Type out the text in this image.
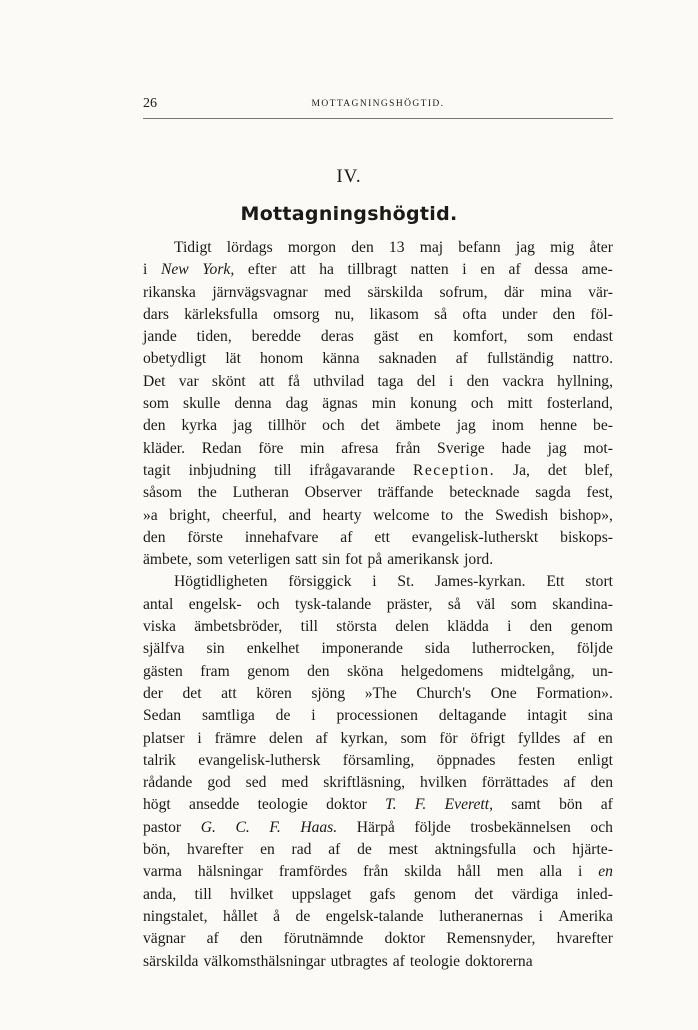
26	MOTTAGNINGSHÖGTID.
IV.
Mottagningshögtid.
Tidigt lördags morgon den 13 maj befann jag mig åter
i New York, efter att ha tillbragt natten i en af dessa ame-
rikanska järnvägsvagnar med särskilda sofrum, där mina vär-
dars kärleksfulla omsorg nu, likasom så ofta under den föl-
jande tiden, beredde deras gäst en komfort, som endast
obetydligt lät honom känna saknaden af fullständig nattro.
Det var skönt att få uthvilad taga del i den vackra hyllning,
som skulle denna dag ägnas min konung och mitt fosterland,
den kyrka jag tillhör och det ämbete jag inom henne be-
kläder. Redan före min afresa från Sverige hade jag mot-
tagit inbjudning till ifrågavarande Reception. Ja, det blef,
såsom the Lutheran Observer träffande betecknade sagda fest,
»a bright, cheerful, and hearty welcome to the Swedish bishop»,
den förste innehafvare af ett evangelisk-lutherskt biskops-
ämbete, som veterligen satt sin fot på amerikansk jord.
Högtidligheten försiggick i St. James-kyrkan. Ett stort
antal engelsk- och tysk-talande präster, så väl som skandina-
viska ämbetsbröder, till största delen klädda i den genom
själfva sin enkelhet imponerande sida lutherrocken, följde
gästen fram genom den sköna helgedomens midtelgång, un-
der det att kören sjöng »The Church's One Formation».
Sedan samtliga de i processionen deltagande intagit sina
platser i främre delen af kyrkan, som för öfrigt fylldes af en
talrik evangelisk-luthersk församling, öppnades festen enligt
rådande god sed med skriftläsning, hvilken förrättades af den
högt ansedde teologie doktor T. F. Everett, samt bön af
pastor G. C. F. Haas. Härpå följde trosbekännelsen och
bön, hvarefter en rad af de mest aktningsfulla och hjärte-
varma hälsningar framfördes från skilda håll men alla i en
anda, till hvilket uppslaget gafs genom det värdiga inled-
ningstalet, hållet å de engelsk-talande lutheranernas i Amerika
vägnar af den förutnämnde doktor Remensnyder, hvarefter
särskilda välkomsthälsningar utbragtes af teologie doktorerna
